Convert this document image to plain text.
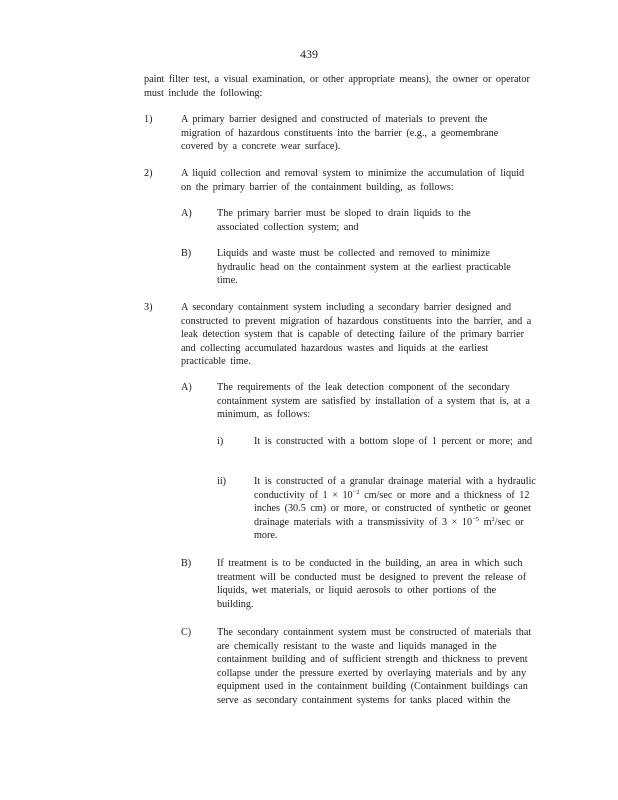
439
paint filter test, a visual examination, or other appropriate means), the owner or operator must include the following:
1)	A primary barrier designed and constructed of materials to prevent the migration of hazardous constituents into the barrier (e.g., a geomembrane covered by a concrete wear surface).
2)	A liquid collection and removal system to minimize the accumulation of liquid on the primary barrier of the containment building, as follows:
A) The primary barrier must be sloped to drain liquids to the associated collection system; and
B)	Liquids and waste must be collected and removed to minimize hydraulic head on the containment system at the earliest practicable time.
3)	A secondary containment system including a secondary barrier designed and constructed to prevent migration of hazardous constituents into the barrier, and a leak detection system that is capable of detecting failure of the primary barrier and collecting accumulated hazardous wastes and liquids at the earliest practicable time.
A) The requirements of the leak detection component of the secondary containment system are satisfied by installation of a system that is, at a minimum, as follows:
i)	It is constructed with a bottom slope of 1 percent or more; and
ii)	It is constructed of a granular drainage material with a hydraulic conductivity of $1 \times 10^{-2}$ cm/sec or more and a thickness of 12 inches (30.5 cm) or more, or constructed of synthetic or geonet drainage materials with a transmissivity of $3 \times 10^{-5}$ $m^2/\sec$ or more.
B)	If treatment is to be conducted in the building, an area in which such treatment will be conducted must be designed to prevent the release of liquids, wet materials, or liquid aerosols to other portions of the building.
C)	The secondary containment system must be constructed of materials that are chemically resistant to the waste and liquids managed in the containment building and of sufficient strength and thickness to prevent collapse under the pressure exerted by overlaying materials and by any equipment used in the containment building (Containment buildings can serve as secondary containment systems for tanks placed within the
